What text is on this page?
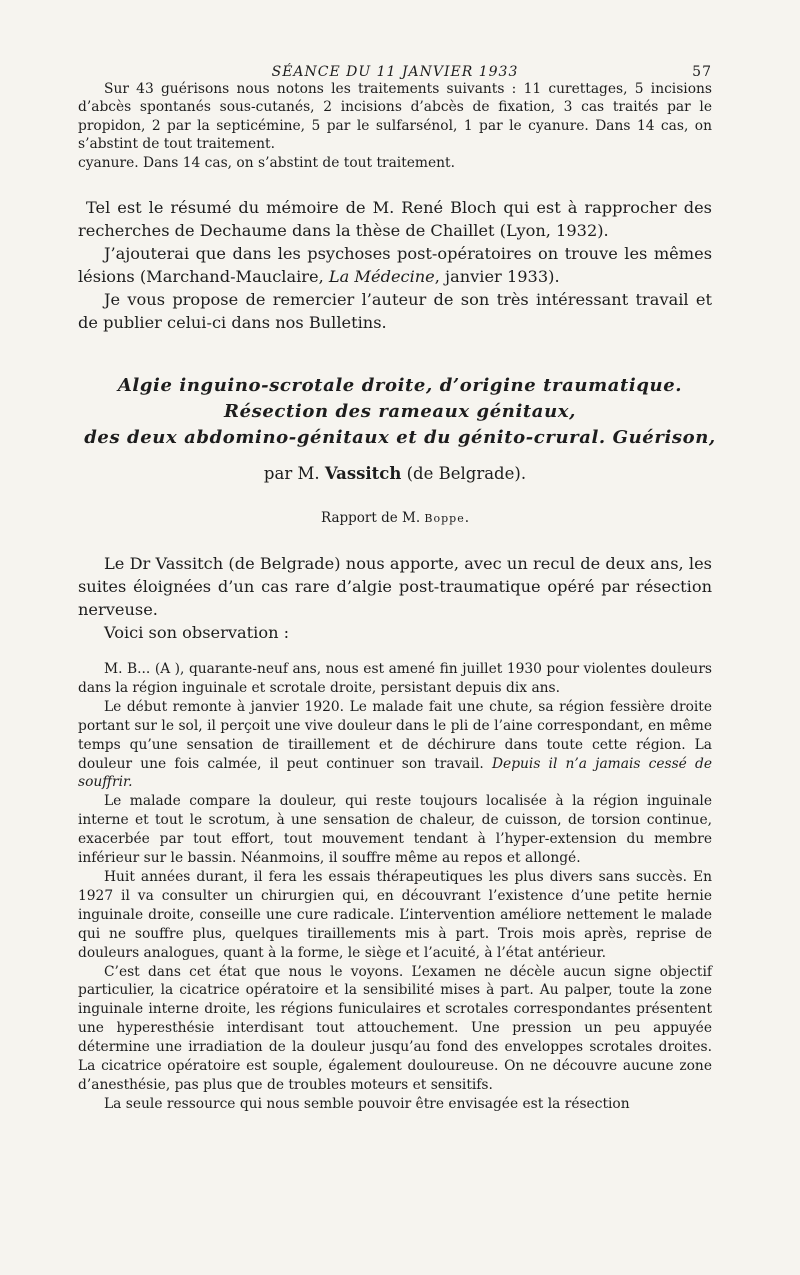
SÉANCE DU 11 JANVIER 1933	57

Sur 43 guérisons nous notons les traitements suivants : 11 curettages, 5 incisions d’abcès spontanés sous-cutanés, 2 incisions d’abcès de fixation, 3 cas traités par le propidon, 2 par la septicémine, 5 par le sulfarsénol, 1 par le cyanure. Dans 14 cas, on s’abstint de tout traitement.

cyanure. Dans 14 cas, on s’abstint de tout traitement.

Tel est le résumé du mémoire de M. René Bloch qui est à rapprocher des recherches de Dechaume dans la thèse de Chaillet (Lyon, 1932).

J’ajouterai que dans les psychoses post-opératoires on trouve les mêmes lésions (Marchand-Mauclaire, La Médecine, janvier 1933).

Je vous propose de remercier l’auteur de son très intéressant travail et de publier celui-ci dans nos Bulletins.

Algie inguino-scrotale droite, d’origine traumatique.
Résection des rameaux génitaux,
des deux abdomino-génitaux et du génito-crural. Guérison,
par M. Vassitch (de Belgrade).
Rapport de M. Boppe.

Le Dr Vassitch (de Belgrade) nous apporte, avec un recul de deux ans, les suites éloignées d’un cas rare d’algie post-traumatique opéré par résection nerveuse.

Voici son observation :

M. B... (A ), quarante-neuf ans, nous est amené fin juillet 1930 pour violentes douleurs dans la région inguinale et scrotale droite, persistant depuis dix ans.

Le début remonte à janvier 1920. Le malade fait une chute, sa région fessière droite portant sur le sol, il perçoit une vive douleur dans le pli de l’aine correspondant, en même temps qu’une sensation de tiraillement et de déchirure dans toute cette région. La douleur une fois calmée, il peut continuer son travail. Depuis il n’a jamais cessé de souffrir.

Le malade compare la douleur, qui reste toujours localisée à la région inguinale interne et tout le scrotum, à une sensation de chaleur, de cuisson, de torsion continue, exacerbée par tout effort, tout mouvement tendant à l’hyper-extension du membre inférieur sur le bassin. Néanmoins, il souffre même au repos et allongé.

Huit années durant, il fera les essais thérapeutiques les plus divers sans succès. En 1927 il va consulter un chirurgien qui, en découvrant l’existence d’une petite hernie inguinale droite, conseille une cure radicale. L’intervention améliore nettement le malade qui ne souffre plus, quelques tiraillements mis à part. Trois mois après, reprise de douleurs analogues, quant à la forme, le siège et l’acuité, à l’état antérieur.

C’est dans cet état que nous le voyons. L’examen ne décèle aucun signe objectif particulier, la cicatrice opératoire et la sensibilité mises à part. Au palper, toute la zone inguinale interne droite, les régions funiculaires et scrotales correspondantes présentent une hyperesthésie interdisant tout attouchement. Une pression un peu appuyée détermine une irradiation de la douleur jusqu’au fond des enveloppes scrotales droites. La cicatrice opératoire est souple, également douloureuse. On ne découvre aucune zone d’anesthésie, pas plus que de troubles moteurs et sensitifs.

La seule ressource qui nous semble pouvoir être envisagée est la résection
